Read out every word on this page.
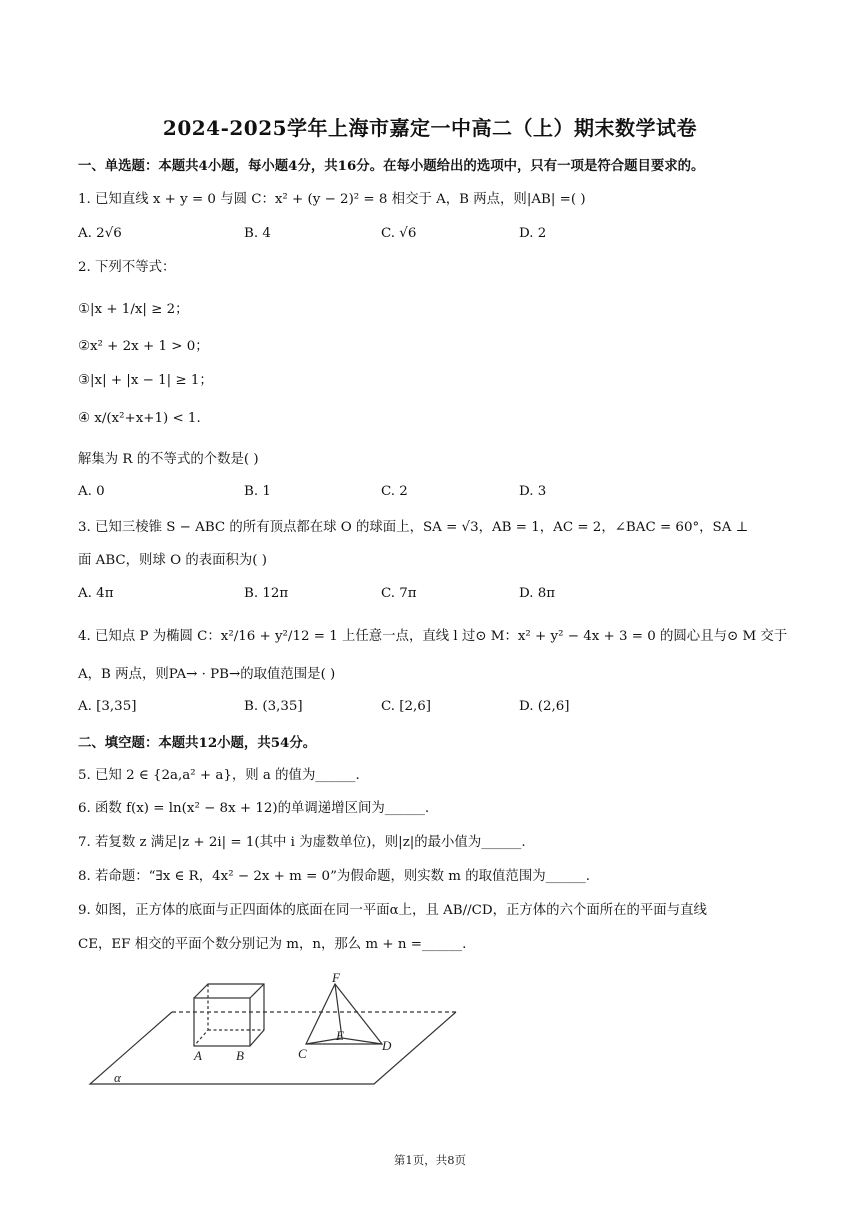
2024-2025学年上海市嘉定一中高二（上）期末数学试卷
一、单选题：本题共4小题，每小题4分，共16分。在每小题给出的选项中，只有一项是符合题目要求的。
1. 已知直线 x + y = 0 与圆 C：x² + (y − 2)² = 8 相交于 A，B 两点，则|AB| =( )
A. 2√6	B. 4	C. √6	D. 2
2. 下列不等式：
①|x + 1/x| ≥ 2；
②x² + 2x + 1 > 0；
③|x| + |x − 1| ≥ 1；
④ x/(x²+x+1) < 1.
解集为 R 的不等式的个数是( )
A. 0	B. 1	C. 2	D. 3
3. 已知三棱锥 S − ABC 的所有顶点都在球 O 的球面上，SA = √3，AB = 1，AC = 2，∠BAC = 60°，SA ⊥
面 ABC，则球 O 的表面积为( )
A. 4π	B. 12π	C. 7π	D. 8π
4. 已知点 P 为椭圆 C：x²/16 + y²/12 = 1 上任意一点，直线 l 过⊙ M：x² + y² − 4x + 3 = 0 的圆心且与⊙ M 交于
A，B 两点，则PA→ · PB→的取值范围是( )
A. [3,35]	B. (3,35]	C. [2,6]	D. (2,6]
二、填空题：本题共12小题，共54分。
5. 已知 2 ∈ {2a,a² + a}，则 a 的值为______.
6. 函数 f(x) = ln(x² − 8x + 12)的单调递增区间为______.
7. 若复数 z 满足|z + 2i| = 1(其中 i 为虚数单位)，则|z|的最小值为______.
8. 若命题：“∃x ∈ R，4x² − 2x + m = 0”为假命题，则实数 m 的取值范围为______.
9. 如图，正方体的底面与正四面体的底面在同一平面α上，且 AB//CD，正方体的六个面所在的平面与直线
CE，EF 相交的平面个数分别记为 m，n，那么 m + n =______.
A	B	C
D
E
F
α
第1页，共8页
